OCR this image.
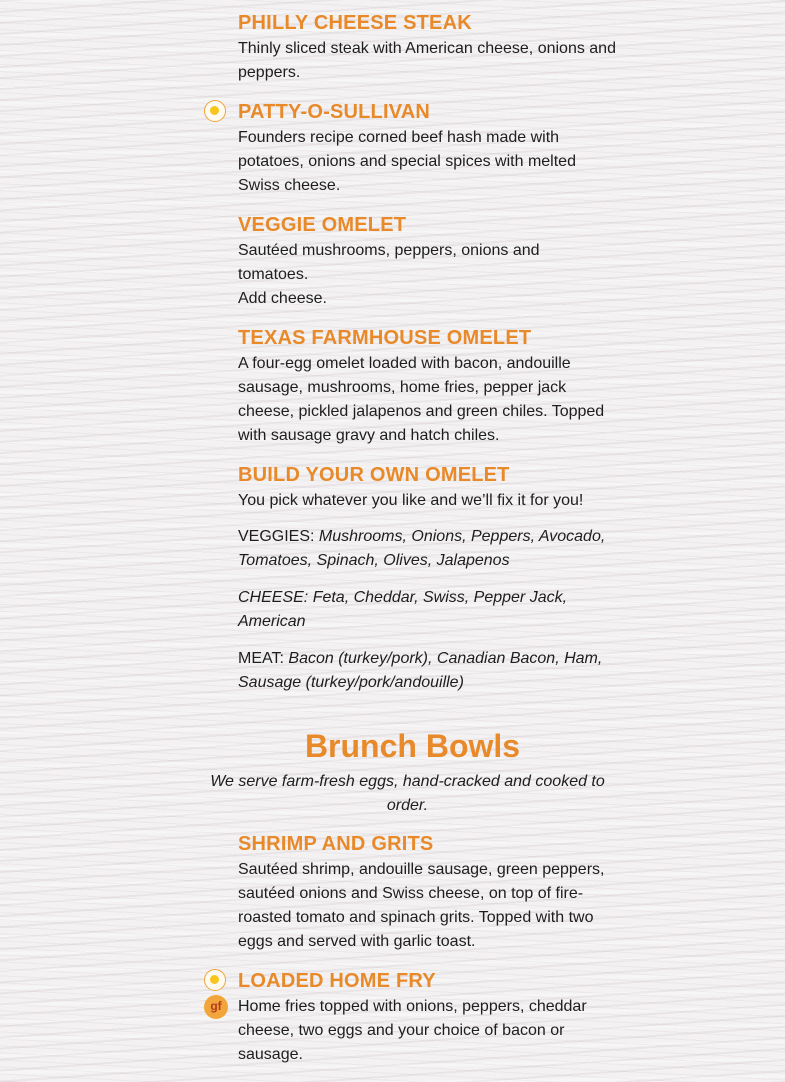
PHILLY CHEESE STEAK
Thinly sliced steak with American cheese, onions and peppers.
PATTY-O-SULLIVAN
Founders recipe corned beef hash made with potatoes, onions and special spices with melted Swiss cheese.
VEGGIE OMELET
Sautéed mushrooms, peppers, onions and tomatoes.
Add cheese.
TEXAS FARMHOUSE OMELET
A four-egg omelet loaded with bacon, andouille sausage, mushrooms, home fries, pepper jack cheese, pickled jalapenos and green chiles. Topped with sausage gravy and hatch chiles.
BUILD YOUR OWN OMELET
You pick whatever you like and we’ll fix it for you!
VEGGIES: Mushrooms, Onions, Peppers, Avocado, Tomatoes, Spinach, Olives, Jalapenos
CHEESE: Feta, Cheddar, Swiss, Pepper Jack, American
MEAT: Bacon (turkey/pork), Canadian Bacon, Ham, Sausage (turkey/pork/andouille)
Brunch Bowls
We serve farm-fresh eggs, hand-cracked and cooked to order.
SHRIMP AND GRITS
Sautéed shrimp, andouille sausage, green peppers, sautéed onions and Swiss cheese, on top of fire-roasted tomato and spinach grits. Topped with two eggs and served with garlic toast.
LOADED HOME FRY
gf	Home fries topped with onions, peppers, cheddar cheese, two eggs and your choice of bacon or sausage.
